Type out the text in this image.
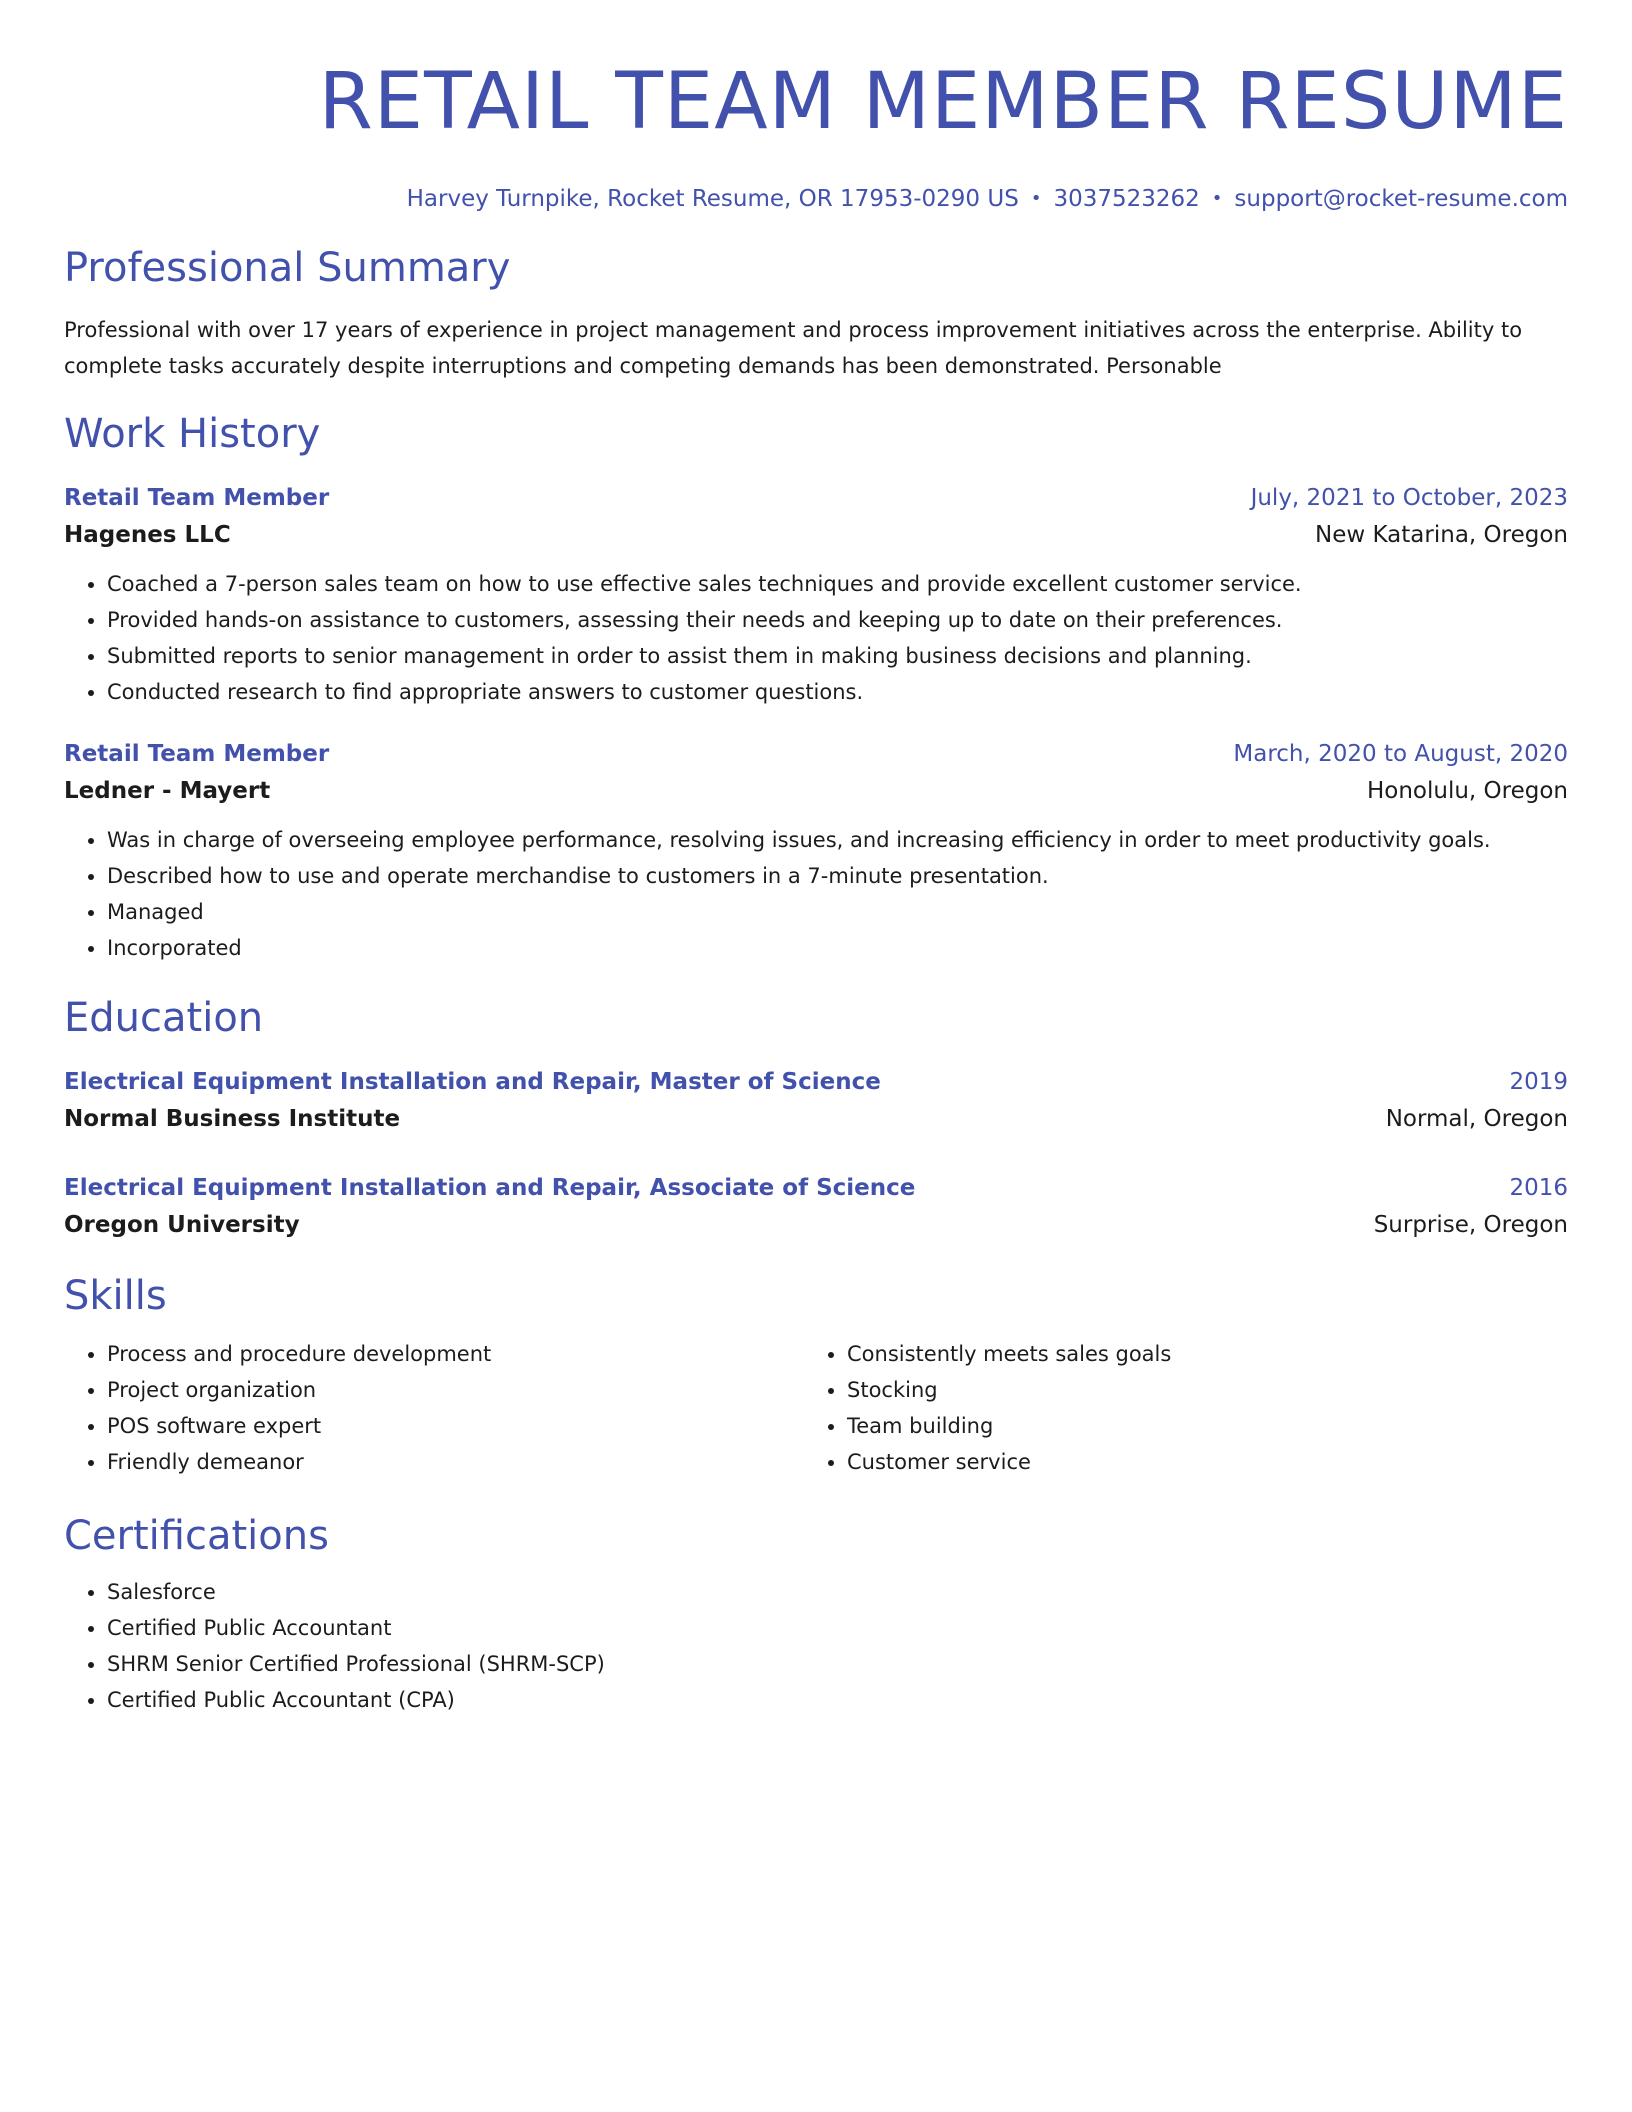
RETAIL TEAM MEMBER RESUME
Harvey Turnpike, Rocket Resume, OR 17953-0290 US • 3037523262 • support@rocket-resume.com
Professional Summary
Professional with over 17 years of experience in project management and process improvement initiatives across the enterprise. Ability to complete tasks accurately despite interruptions and competing demands has been demonstrated. Personable
Work History
Retail Team Member	July, 2021 to October, 2023
Hagenes LLC	New Katarina, Oregon
• Coached a 7-person sales team on how to use effective sales techniques and provide excellent customer service.
• Provided hands-on assistance to customers, assessing their needs and keeping up to date on their preferences.
• Submitted reports to senior management in order to assist them in making business decisions and planning.
• Conducted research to find appropriate answers to customer questions.
Retail Team Member	March, 2020 to August, 2020
Ledner - Mayert	Honolulu, Oregon
• Was in charge of overseeing employee performance, resolving issues, and increasing efficiency in order to meet productivity goals.
• Described how to use and operate merchandise to customers in a 7-minute presentation.
• Managed
• Incorporated
Education
Electrical Equipment Installation and Repair, Master of Science	2019
Normal Business Institute	Normal, Oregon
Electrical Equipment Installation and Repair, Associate of Science	2016
Oregon University	Surprise, Oregon
Skills
• Process and procedure development
• Project organization
• POS software expert
• Friendly demeanor
• Consistently meets sales goals
• Stocking
• Team building
• Customer service
Certifications
• Salesforce
• Certified Public Accountant
• SHRM Senior Certified Professional (SHRM-SCP)
• Certified Public Accountant (CPA)
